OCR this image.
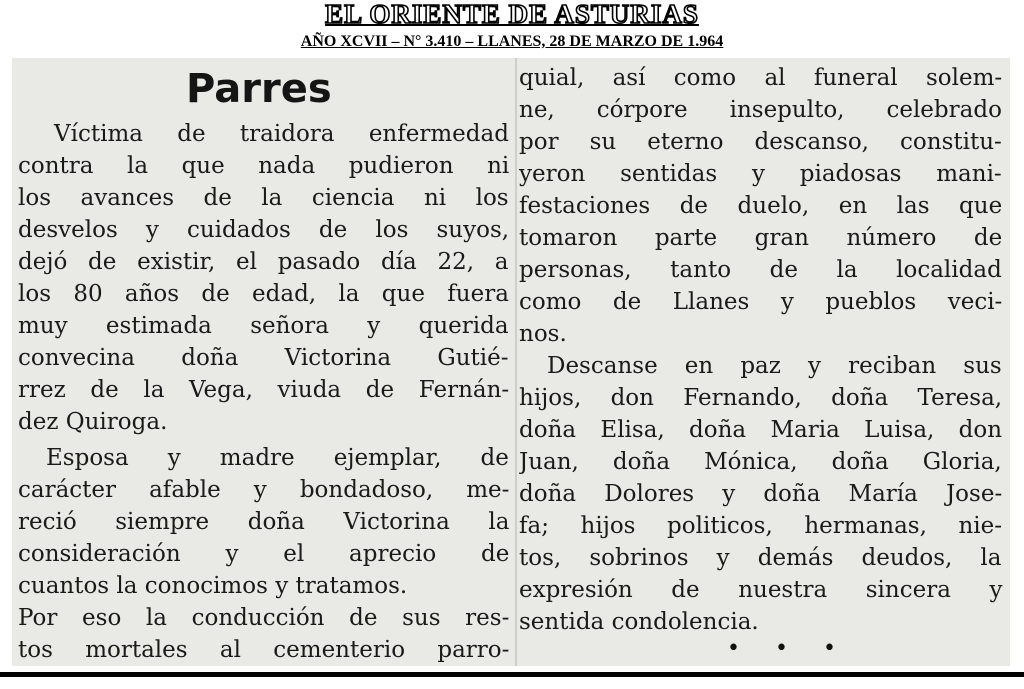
EL ORIENTE DE ASTURIAS
AÑO XCVII – N° 3.410 – LLANES, 28 DE MARZO DE 1.964
Parres
Víctima de traidora enfermedad
contra la que nada pudieron ni
los avances de la ciencia ni los
desvelos y cuidados de los suyos,
dejó de existir, el pasado día 22, a
los 80 años de edad, la que fuera
muy estimada señora y querida
convecina doña Victorina Gutié-
rrez de la Vega, viuda de Fernán-
dez Quiroga.
Esposa y madre ejemplar, de
carácter afable y bondadoso, me-
reció siempre doña Victorina la
consideración y el aprecio de
cuantos la conocimos y tratamos.
Por eso la conducción de sus res-
tos mortales al cementerio parro-	• • •
quial, así como al funeral solem-
ne, córpore insepulto, celebrado
por su eterno descanso, constitu-
yeron sentidas y piadosas mani-
festaciones de duelo, en las que
tomaron parte gran número de
personas, tanto de la localidad
como de Llanes y pueblos veci-
nos.
Descanse en paz y reciban sus
hijos, don Fernando, doña Teresa,
doña Elisa, doña Maria Luisa, don
Juan, doña Mónica, doña Gloria,
doña Dolores y doña María Jose-
fa; hijos politicos, hermanas, nie-
tos, sobrinos y demás deudos, la
expresión de nuestra sincera y
sentida condolencia.
